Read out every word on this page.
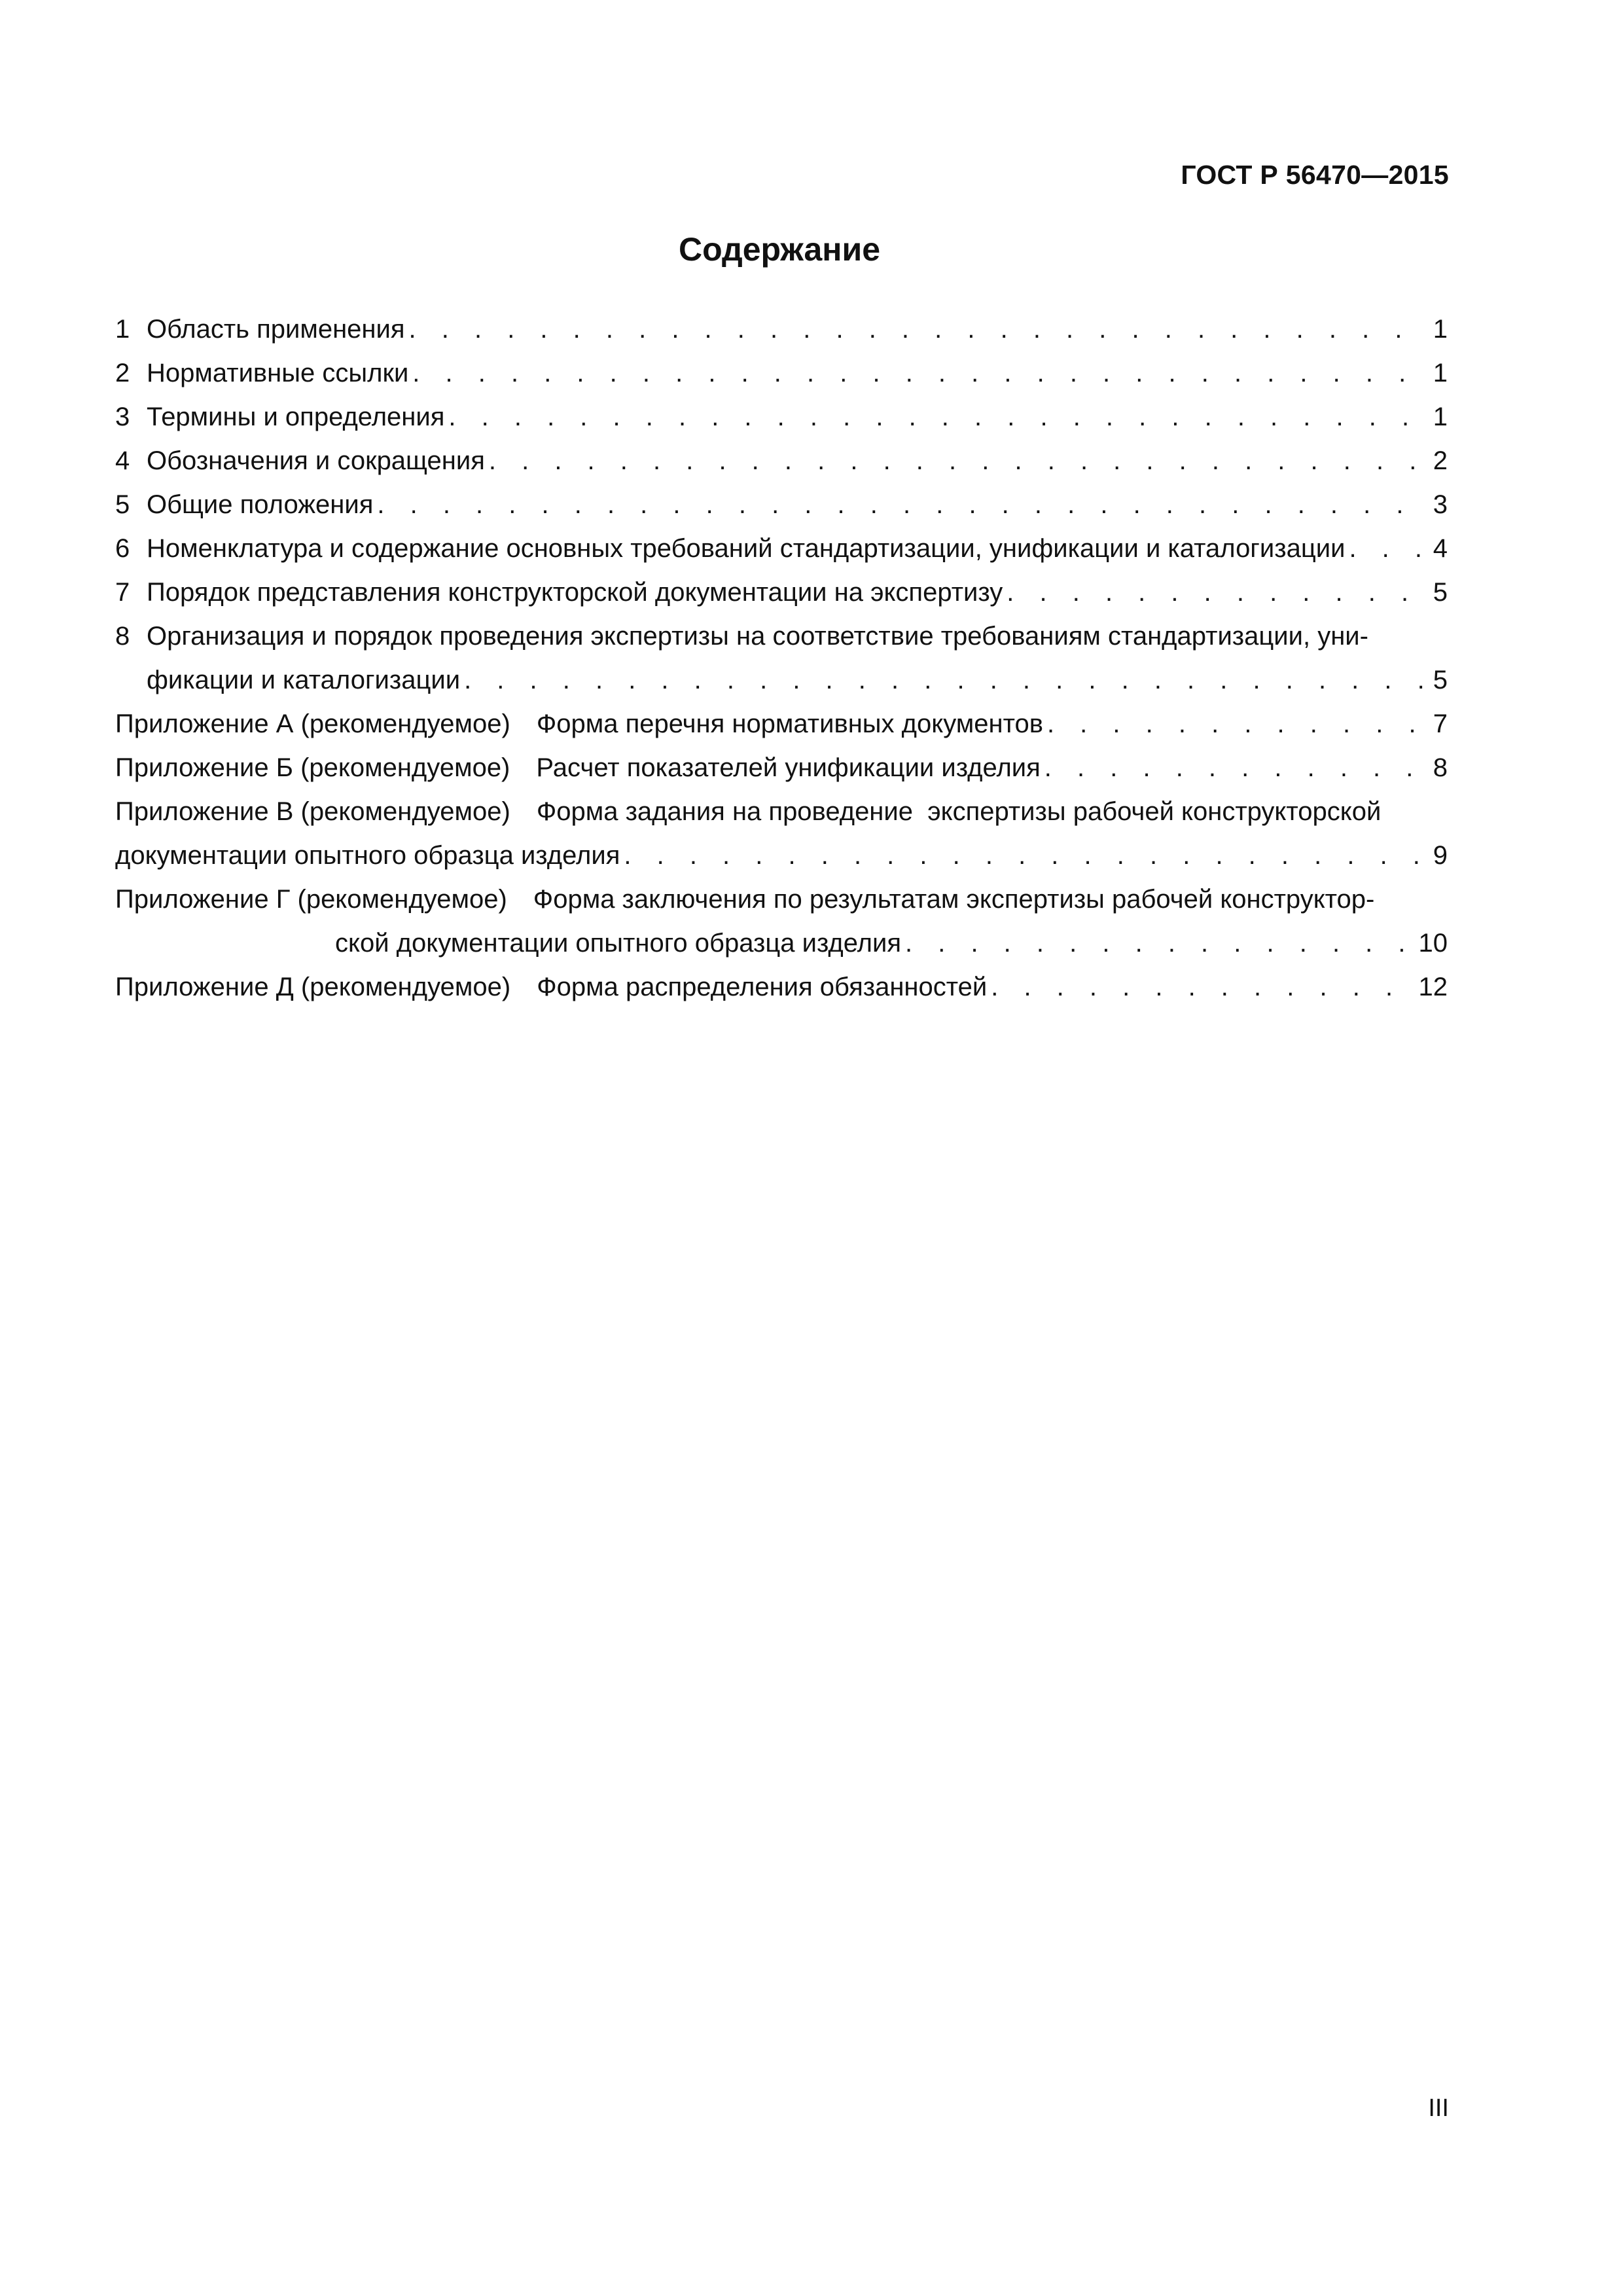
ГОСТ Р 56470—2015
Содержание
1 Область применения . . .	1
2 Нормативные ссылки . . .	1
3 Термины и определения . . .	1
4 Обозначения и сокращения . . .	2
5 Общие положения . . .	3
6 Номенклатура и содержание основных требований стандартизации, унификации и каталогизации . . .	4
7 Порядок представления конструкторской документации на экспертизу . . .	5
8 Организация и порядок проведения экспертизы на соответствие требованиям стандартизации, уни-
фикации и каталогизации . . .	5
Приложение А (рекомендуемое) Форма перечня нормативных документов . . .	7
Приложение Б (рекомендуемое) Расчет показателей унификации изделия . . .	8
Приложение В (рекомендуемое) Форма задания на проведение  экспертизы рабочей конструкторской
документации опытного образца изделия . . .	9
Приложение Г (рекомендуемое) Форма заключения по результатам экспертизы рабочей конструктор-
ской документации опытного образца изделия . . .	10
Приложение Д (рекомендуемое) Форма распределения обязанностей . . .	12
III
